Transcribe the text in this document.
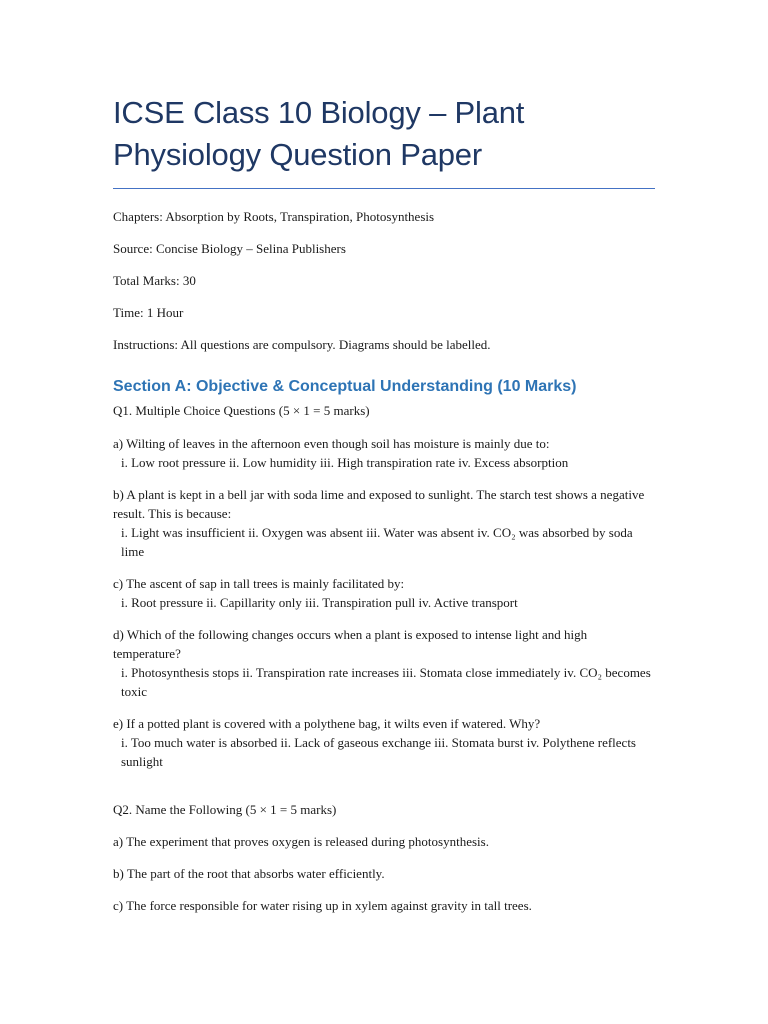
ICSE Class 10 Biology – Plant Physiology Question Paper

Chapters: Absorption by Roots, Transpiration, Photosynthesis

Source: Concise Biology – Selina Publishers

Total Marks: 30

Time: 1 Hour

Instructions: All questions are compulsory. Diagrams should be labelled.

Section A: Objective & Conceptual Understanding (10 Marks)

Q1. Multiple Choice Questions (5 × 1 = 5 marks)

a) Wilting of leaves in the afternoon even though soil has moisture is mainly due to:
i. Low root pressure ii. Low humidity iii. High transpiration rate iv. Excess absorption
b) A plant is kept in a bell jar with soda lime and exposed to sunlight. The starch test shows a negative result. This is because:
i. Light was insufficient ii. Oxygen was absent iii. Water was absent iv. CO₂ was absorbed by soda lime
c) The ascent of sap in tall trees is mainly facilitated by:
i. Root pressure ii. Capillarity only iii. Transpiration pull iv. Active transport
d) Which of the following changes occurs when a plant is exposed to intense light and high temperature?
i. Photosynthesis stops ii. Transpiration rate increases iii. Stomata close immediately iv. CO₂ becomes toxic
e) If a potted plant is covered with a polythene bag, it wilts even if watered. Why?
i. Too much water is absorbed ii. Lack of gaseous exchange iii. Stomata burst iv. Polythene reflects sunlight

Q2. Name the Following (5 × 1 = 5 marks)

a) The experiment that proves oxygen is released during photosynthesis.

b) The part of the root that absorbs water efficiently.

c) The force responsible for water rising up in xylem against gravity in tall trees.
